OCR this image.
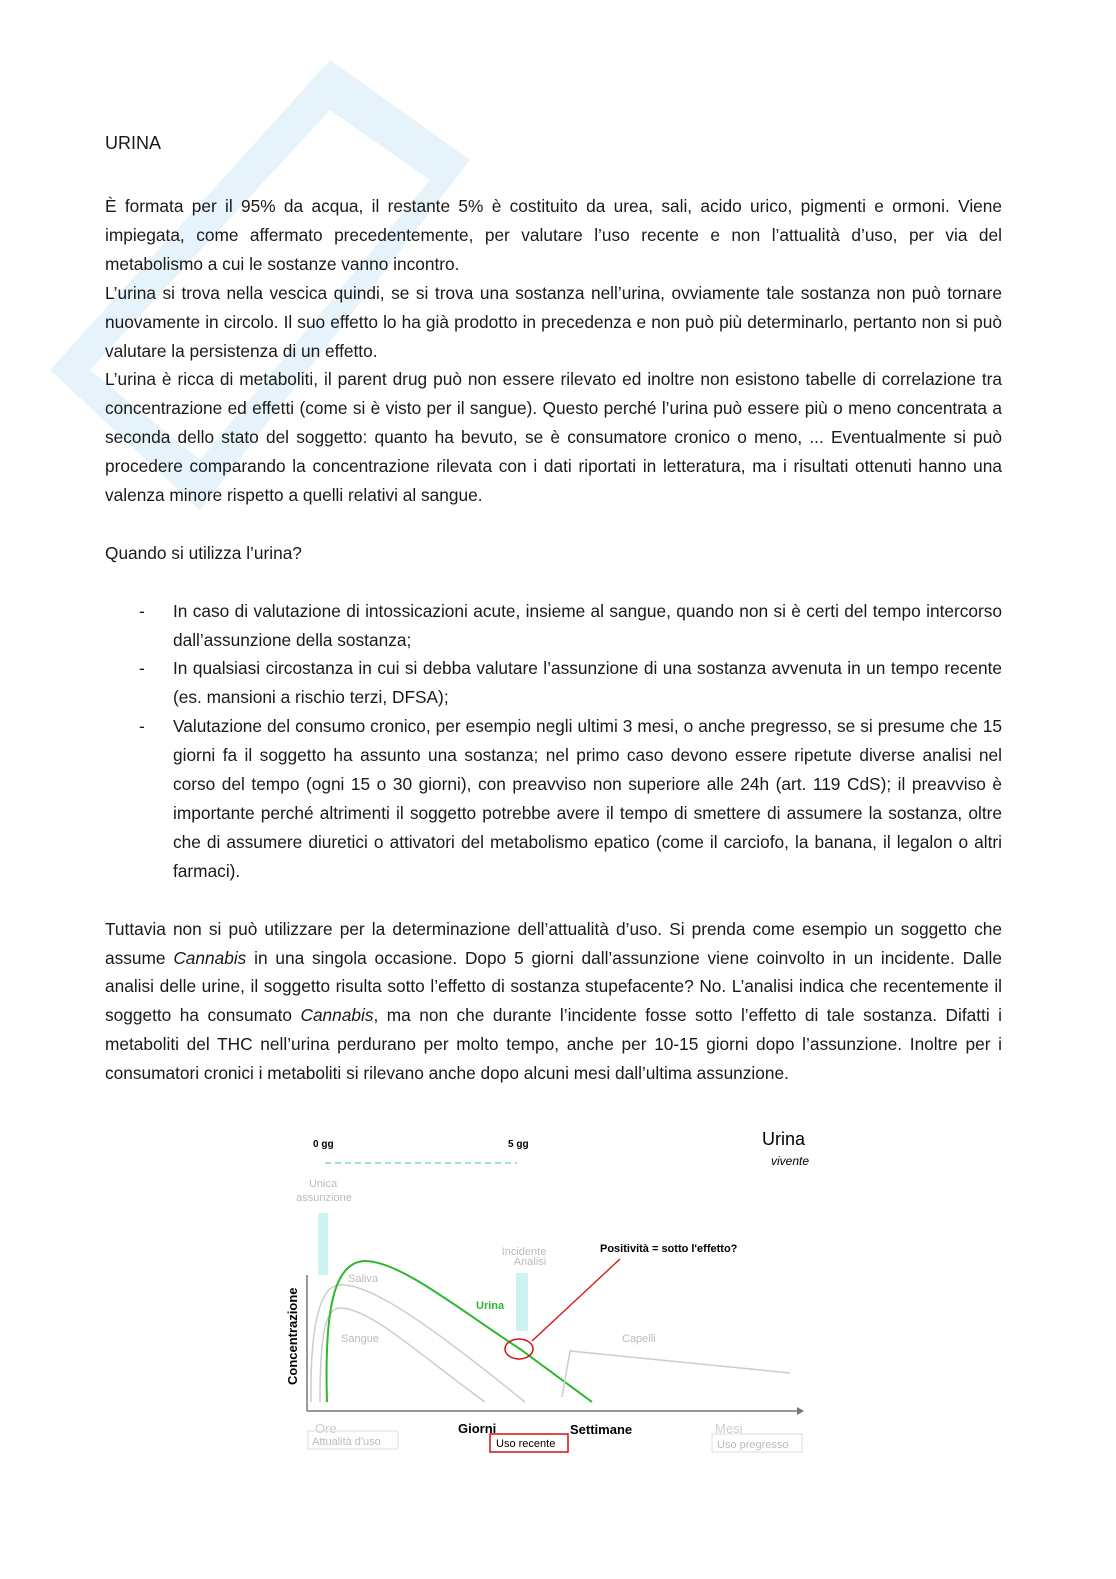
URINA

È formata per il 95% da acqua, il restante 5% è costituito da urea, sali, acido urico, pigmenti e ormoni. Viene impiegata, come affermato precedentemente, per valutare l’uso recente e non l’attualità d’uso, per via del metabolismo a cui le sostanze vanno incontro.

L’urina si trova nella vescica quindi, se si trova una sostanza nell’urina, ovviamente tale sostanza non può tornare nuovamente in circolo. Il suo effetto lo ha già prodotto in precedenza e non può più determinarlo, pertanto non si può valutare la persistenza di un effetto.

L’urina è ricca di metaboliti, il parent drug può non essere rilevato ed inoltre non esistono tabelle di correlazione tra concentrazione ed effetti (come si è visto per il sangue). Questo perché l’urina può essere più o meno concentrata a seconda dello stato del soggetto: quanto ha bevuto, se è consumatore cronico o meno, ... Eventualmente si può procedere comparando la concentrazione rilevata con i dati riportati in letteratura, ma i risultati ottenuti hanno una valenza minore rispetto a quelli relativi al sangue.

Quando si utilizza l’urina?

- In caso di valutazione di intossicazioni acute, insieme al sangue, quando non si è certi del tempo intercorso dall’assunzione della sostanza;
- In qualsiasi circostanza in cui si debba valutare l’assunzione di una sostanza avvenuta in un tempo recente (es. mansioni a rischio terzi, DFSA);
- Valutazione del consumo cronico, per esempio negli ultimi 3 mesi, o anche pregresso, se si presume che 15 giorni fa il soggetto ha assunto una sostanza; nel primo caso devono essere ripetute diverse analisi nel corso del tempo (ogni 15 o 30 giorni), con preavviso non superiore alle 24h (art. 119 CdS); il preavviso è importante perché altrimenti il soggetto potrebbe avere il tempo di smettere di assumere la sostanza, oltre che di assumere diuretici o attivatori del metabolismo epatico (come il carciofo, la banana, il legalon o altri farmaci).

Tuttavia non si può utilizzare per la determinazione dell’attualità d’uso. Si prenda come esempio un soggetto che assume Cannabis in una singola occasione. Dopo 5 giorni dall’assunzione viene coinvolto in un incidente. Dalle analisi delle urine, il soggetto risulta sotto l’effetto di sostanza stupefacente? No. L’analisi indica che recentemente il soggetto ha consumato Cannabis, ma non che durante l’incidente fosse sotto l’effetto di tale sostanza. Difatti i metaboliti del THC nell’urina perdurano per molto tempo, anche per 10-15 giorni dopo l’assunzione. Inoltre per i consumatori cronici i metaboliti si rilevano anche dopo alcuni mesi dall’ultima assunzione.

0 gg	5 gg	Urina
vivente
Unica
assunzione
Incidente
Analisi
Concentrazione
Saliva
Sangue
Urina
Capelli
Positività = sotto l'effetto?
Ore	Giorni	Settimane	Mesi
Attualità d'uso	Uso recente	Uso pregresso
